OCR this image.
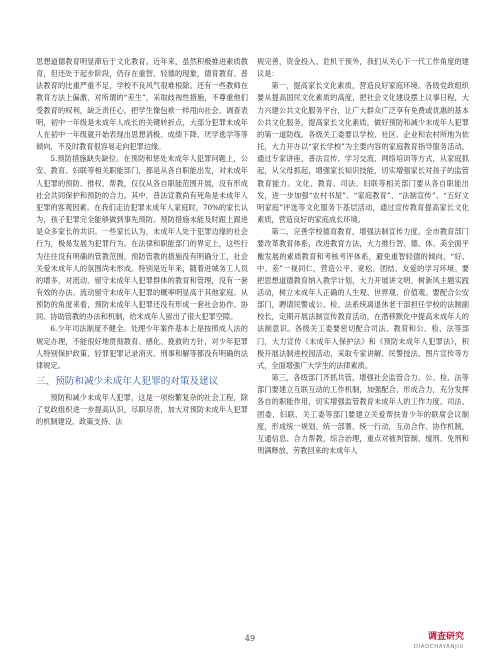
思想道德教育明显滞后于文化教育。近年来，虽然积极推进素质教育，但还处于起步阶段，仍存在重智、轻德的现象，德育教育、普法教育的比重严重不足，学校不良风气很难根除。还有一些教师在教育方法上偏激，对所谓的“差生”，采取歧视性措施，不尊重他们受教育的权利，缺乏责任心，把学生像包袱一样甩向社会。调查表明，初中一年级是未成年人成长的关键转折点，大部分犯罪未成年人在初中一年级就开始表现出思想消极、成绩下降、厌学逃学等等倾向，不及时教育很容易走向犯罪边缘。

5.预防措施缺失缺位。在预防和惩处未成年人犯罪问题上，公安、教育、妇联等相关职能部门，都是从各自职能出发，对未成年人犯罪的预防、推权、帮教，仅仅从各自职能范围开展，没有形成社会共同保护和预防的合力。其中，普法宣教尚有死角是未成年人犯罪的客观因素。在我们走访犯罪未成年人家庭时，70%的家长认为，孩子犯罪完全能够做到事先预防。预防措施未能及时跟上跟进是众多家长的共识。一些家长认为，未成年人处于犯罪边缘的社会行为，极易发展为犯罪行为。在法律和职能部门的界定上，这些行为往往没有明确的管教范围，预防管教的措施没有明确分工，社会关爱未成年人的氛围尚未形成。特别是近年来，随着进城务工人员的增多，对流动、留守未成年人犯罪群体的教育和管理，没有一套有效的办法。流动留守未成年人犯罪的概率明显高于其他家庭。从预防的角度来看，预防未成年人犯罪还没有形成一套社会协作、协同、协助管教的办法和机制，给未成年人留出了很大犯罪空隙。

6.少年司法制度不健全。处理少年案件基本上是按照成人法的规定办理，不能很好地贯彻教育、感化、挽救的方针，对少年犯罪人特别保护政策、轻罪犯罪记录消灭、刑事和解等都没有明确的法律规定。

三、预防和减少未成年人犯罪的对策及建议

预防和减少未成年人犯罪，这是一项纷繁复杂的社会工程，除了党政组织进一步提高认识，尽职尽责，加大对预防未成年人犯罪的机制建设、政策支持、法

规完善，资金投入、危机干预外，我们从关心下一代工作角度的建议是：

第一，提高家长文化素质，营造良好家庭环境。各级党政组织要从提高国民文化素质的高度，把社会文化建设摆上议事日程，大力兴建公共文化服务平台，让广大群众广泛享有免费或优惠的基本公共文化服务，提高家长文化素质，做好预防和减少未成年人犯罪的第一道防线。各级关工委要以学校、社区、企业和农村所地为依托，大力开办以“家长学校”为主要内容的家庭教育指导服务活动，通过专家讲座、普法宣传、学习交流、网络培训等方式，从家庭抓起，从父母抓起，增强家长知识技能，切实增强家长对孩子的监管教育能力。文化、教育、司法、妇联等相关部门要从各自职能出发，进一步加强“农村书屋”、“家庭教育”、“法制宣传”、“五好文明家庭”评选等文化服务下基层活动，通过宣传教育提高家长文化素质，营造良好的家庭成长环境。

第二，完善学校德育教育，增强法制宣传力度。全市教育部门要改革教育体系，改进教育方法，大力推行智、德、体、美全面平衡发展的素质教育和考核考评体系，避免重智轻德的倾向，“好、中、差”一视同仁，营造公平、宽松、团结、友爱的学习环境。要把思想道德教育纳入教学计划，大力开展讲文明、树新风主题实践活动，树立未成年人正确的人生观、世界观、价值观。要配合公安部门，聘请民警或公、检、法系统离退休老干部担任学校的法制副校长，定期开展法制宣传教育活动，在潜移默化中提高未成年人的法制意识。各级关工委要密切配合司法、教育和公、检、法等部门，大力宣传《未成年人保护法》和《预防未成年人犯罪法》，积极开展法制进校园活动，采取专家讲解、民警授法、图片宣传等方式，全面增强广大学生的法律素质。

第三，各级部门齐抓共管，增强社会监管合力。公、检、法等部门要建立互联互动的工作机制，加强配合，形成合力，充分发挥各自的职能作用，切实增强监管教育未成年人的工作力度。司法、团委、妇联、关工委等部门要建立关爱帮扶青少年的联席会议制度，形成统一规划、统一部署、统一行动，互动合作、协作机制，互通信息、合力帮教，综合治理，重点对被判管制、缓刑、免刑和刑满释放、劳教回来的未成年人

49	调查研究
DIAOCHAYANJIU
